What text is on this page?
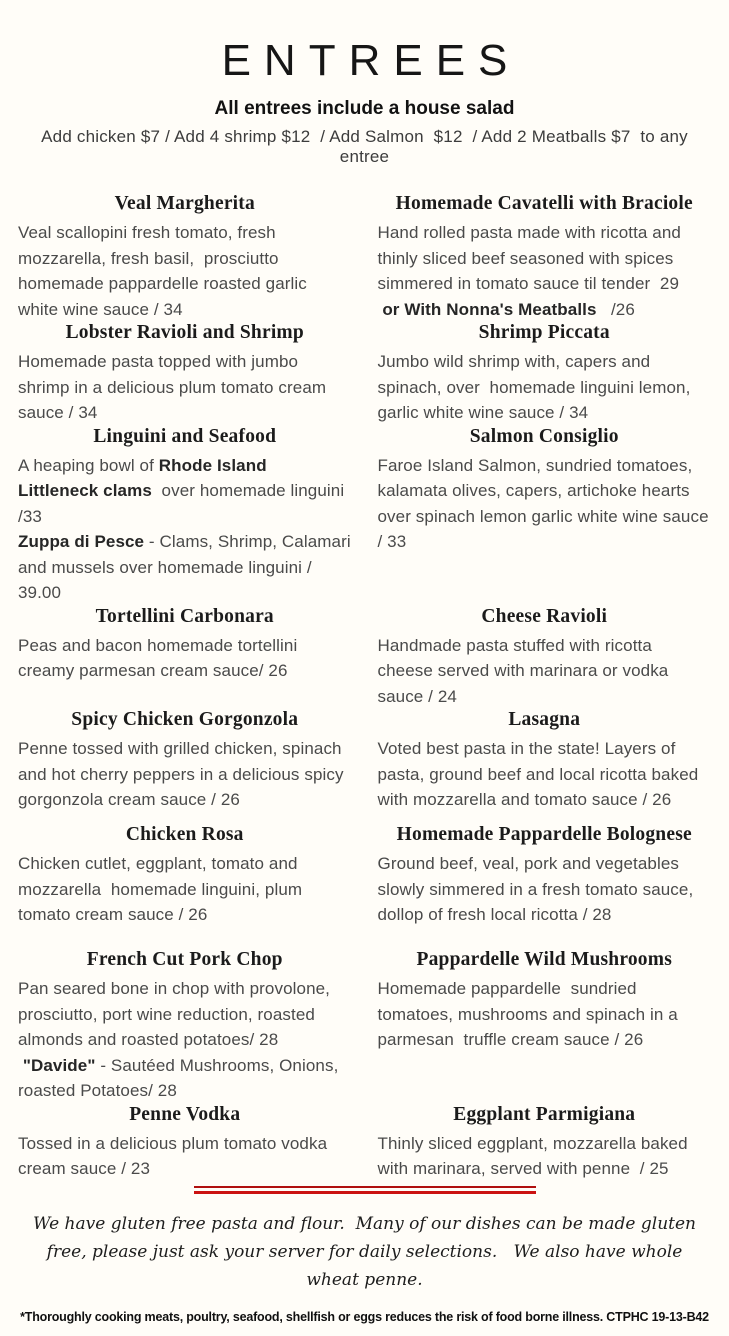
ENTREES

All entrees include a house salad

Add chicken $7 / Add 4 shrimp $12  / Add Salmon  $12  / Add 2 Meatballs $7  to any entree

Veal Margherita

Veal scallopini fresh tomato, fresh mozzarella, fresh basil,  prosciutto homemade pappardelle roasted garlic white wine sauce / 34

Homemade Cavatelli with Braciole

Hand rolled pasta made with ricotta and thinly sliced beef seasoned with spices simmered in tomato sauce til tender  29
or With Nonna's Meatballs   /26

Lobster Ravioli and Shrimp

Homemade pasta topped with jumbo shrimp in a delicious plum tomato cream sauce / 34

Shrimp Piccata

Jumbo wild shrimp with, capers and spinach, over  homemade linguini lemon, garlic white wine sauce / 34

Linguini and Seafood

A heaping bowl of Rhode Island Littleneck clams  over homemade linguini /33
Zuppa di Pesce - Clams, Shrimp, Calamari and mussels over homemade linguini / 39.00

Salmon Consiglio

Faroe Island Salmon, sundried tomatoes, kalamata olives, capers, artichoke hearts over spinach lemon garlic white wine sauce / 33

Tortellini Carbonara

Peas and bacon homemade tortellini creamy parmesan cream sauce/ 26

Cheese Ravioli

Handmade pasta stuffed with ricotta cheese served with marinara or vodka sauce / 24

Spicy Chicken Gorgonzola

Penne tossed with grilled chicken, spinach and hot cherry peppers in a delicious spicy gorgonzola cream sauce / 26

Lasagna

Voted best pasta in the state! Layers of pasta, ground beef and local ricotta baked with mozzarella and tomato sauce / 26

Chicken Rosa

Chicken cutlet, eggplant, tomato and mozzarella  homemade linguini, plum tomato cream sauce / 26

Homemade Pappardelle Bolognese

Ground beef, veal, pork and vegetables slowly simmered in a fresh tomato sauce, dollop of fresh local ricotta / 28

French Cut Pork Chop

Pan seared bone in chop with provolone, prosciutto, port wine reduction, roasted almonds and roasted potatoes/ 28
"Davide" - Sautéed Mushrooms, Onions, roasted Potatoes/ 28

Pappardelle Wild Mushrooms

Homemade pappardelle  sundried tomatoes, mushrooms and spinach in a parmesan  truffle cream sauce / 26

Penne Vodka

Tossed in a delicious plum tomato vodka cream sauce / 23

Eggplant Parmigiana

Thinly sliced eggplant, mozzarella baked with marinara, served with penne  / 25

We have gluten free pasta and flour.  Many of our dishes can be made gluten free, please just ask your server for daily selections.   We also have whole wheat penne.

*Thoroughly cooking meats, poultry, seafood, shellfish or eggs reduces the risk of food borne illness. CTPHC 19-13-B42
